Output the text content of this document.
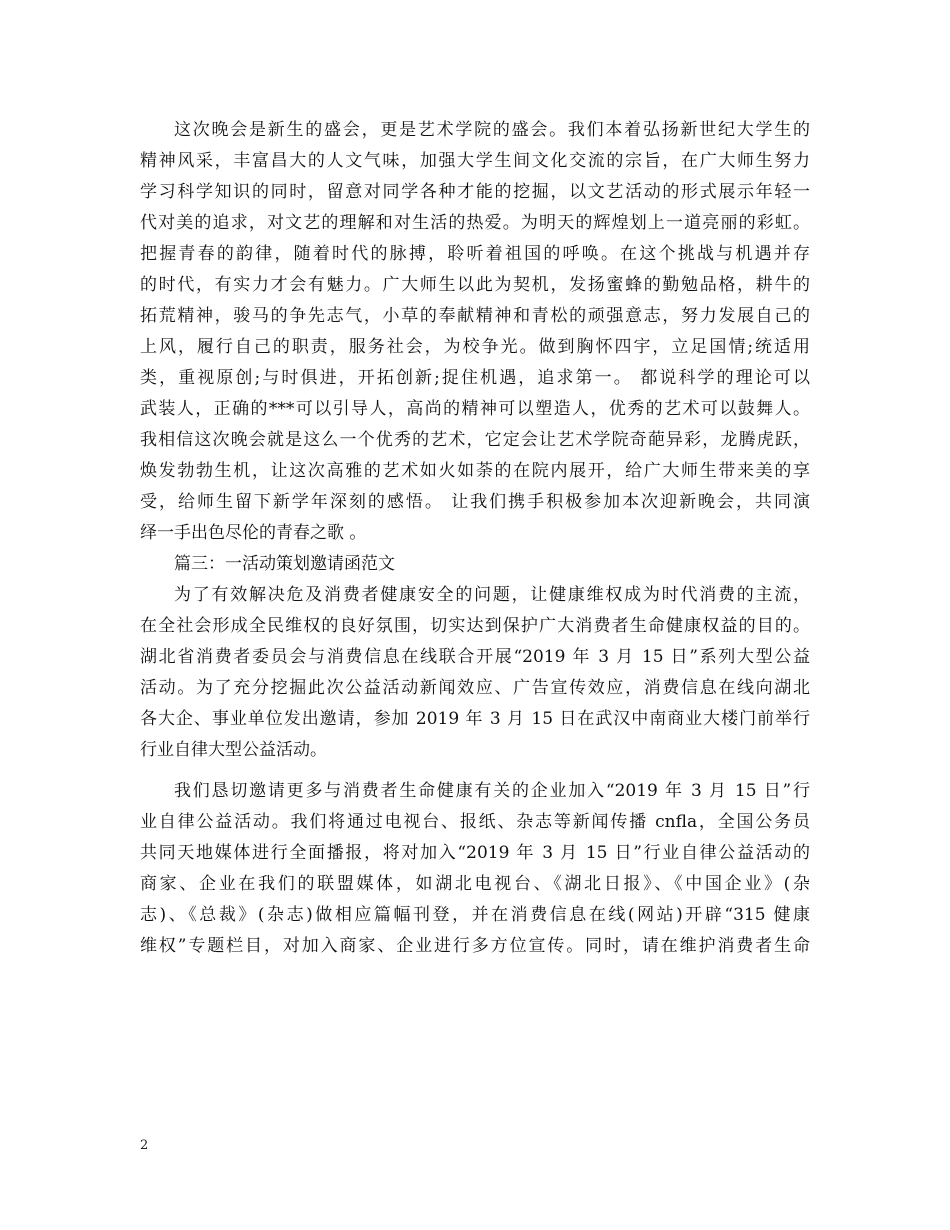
这次晚会是新生的盛会，更是艺术学院的盛会。我们本着弘扬新世纪大学生的
精神风采，丰富昌大的人文气味，加强大学生间文化交流的宗旨，在广大师生努力
学习科学知识的同时，留意对同学各种才能的挖掘，以文艺活动的形式展示年轻一
代对美的追求，对文艺的理解和对生活的热爱。为明天的辉煌划上一道亮丽的彩虹。
把握青春的韵律，随着时代的脉搏，聆听着祖国的呼唤。在这个挑战与机遇并存
的时代，有实力才会有魅力。广大师生以此为契机，发扬蜜蜂的勤勉品格，耕牛的
拓荒精神，骏马的争先志气，小草的奉献精神和青松的顽强意志，努力发展自己的
上风，履行自己的职责，服务社会，为校争光。做到胸怀四宇，立足国情;统适用
类，重视原创;与时俱进，开拓创新;捉住机遇，追求第一。 都说科学的理论可以
武装人，正确的***可以引导人，高尚的精神可以塑造人，优秀的艺术可以鼓舞人。
我相信这次晚会就是这么一个优秀的艺术，它定会让艺术学院奇葩异彩，龙腾虎跃，
焕发勃勃生机，让这次高雅的艺术如火如荼的在院内展开，给广大师生带来美的享
受，给师生留下新学年深刻的感悟。 让我们携手积极参加本次迎新晚会，共同演
绎一手出色尽伦的青春之歌 。
篇三：一活动策划邀请函范文
为了有效解决危及消费者健康安全的问题，让健康维权成为时代消费的主流，
在全社会形成全民维权的良好氛围，切实达到保护广大消费者生命健康权益的目的。
湖北省消费者委员会与消费信息在线联合开展“2019 年 3 月 15 日”系列大型公益
活动。为了充分挖掘此次公益活动新闻效应、广告宣传效应，消费信息在线向湖北
各大企、事业单位发出邀请，参加 2019 年 3 月 15 日在武汉中南商业大楼门前举行
行业自律大型公益活动。
我们恳切邀请更多与消费者生命健康有关的企业加入“2019 年 3 月 15 日”行
业自律公益活动。我们将通过电视台、报纸、杂志等新闻传播 cnfla，全国公务员
共同天地媒体进行全面播报，将对加入“2019 年 3 月 15 日”行业自律公益活动的
商家、企业在我们的联盟媒体，如湖北电视台、《湖北日报》、《中国企业》(杂
志)、《总裁》(杂志)做相应篇幅刊登，并在消费信息在线(网站)开辟“315 健康
维权”专题栏目，对加入商家、企业进行多方位宣传。同时，请在维护消费者生命
2
